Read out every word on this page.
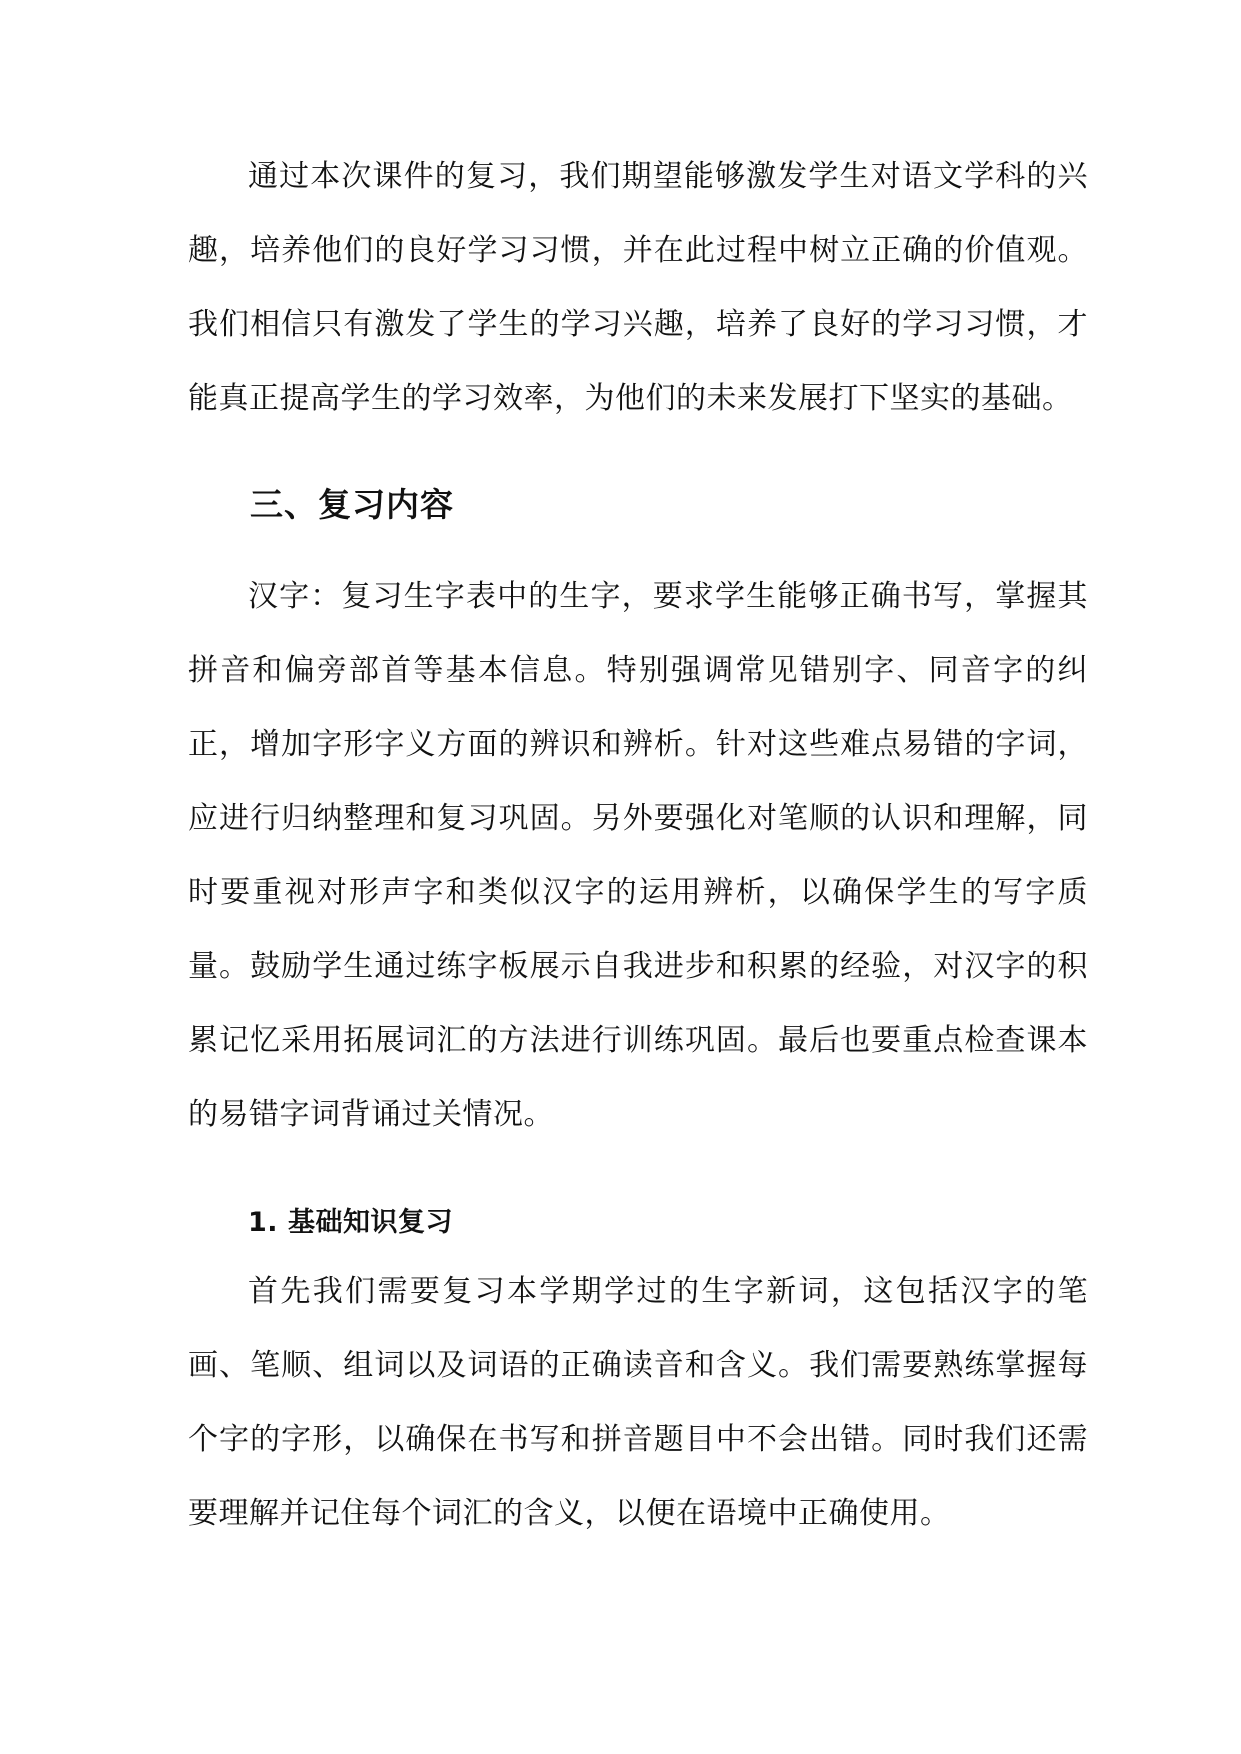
通过本次课件的复习，我们期望能够激发学生对语文学科的兴趣，培养他们的良好学习习惯，并在此过程中树立正确的价值观。我们相信只有激发了学生的学习兴趣，培养了良好的学习习惯，才能真正提高学生的学习效率，为他们的未来发展打下坚实的基础。

三、复习内容

汉字：复习生字表中的生字，要求学生能够正确书写，掌握其拼音和偏旁部首等基本信息。特别强调常见错别字、同音字的纠正，增加字形字义方面的辨识和辨析。针对这些难点易错的字词，应进行归纳整理和复习巩固。另外要强化对笔顺的认识和理解，同时要重视对形声字和类似汉字的运用辨析，以确保学生的写字质量。鼓励学生通过练字板展示自我进步和积累的经验，对汉字的积累记忆采用拓展词汇的方法进行训练巩固。最后也要重点检查课本的易错字词背诵过关情况。

1. 基础知识复习

首先我们需要复习本学期学过的生字新词，这包括汉字的笔画、笔顺、组词以及词语的正确读音和含义。我们需要熟练掌握每个字的字形，以确保在书写和拼音题目中不会出错。同时我们还需要理解并记住每个词汇的含义，以便在语境中正确使用。
